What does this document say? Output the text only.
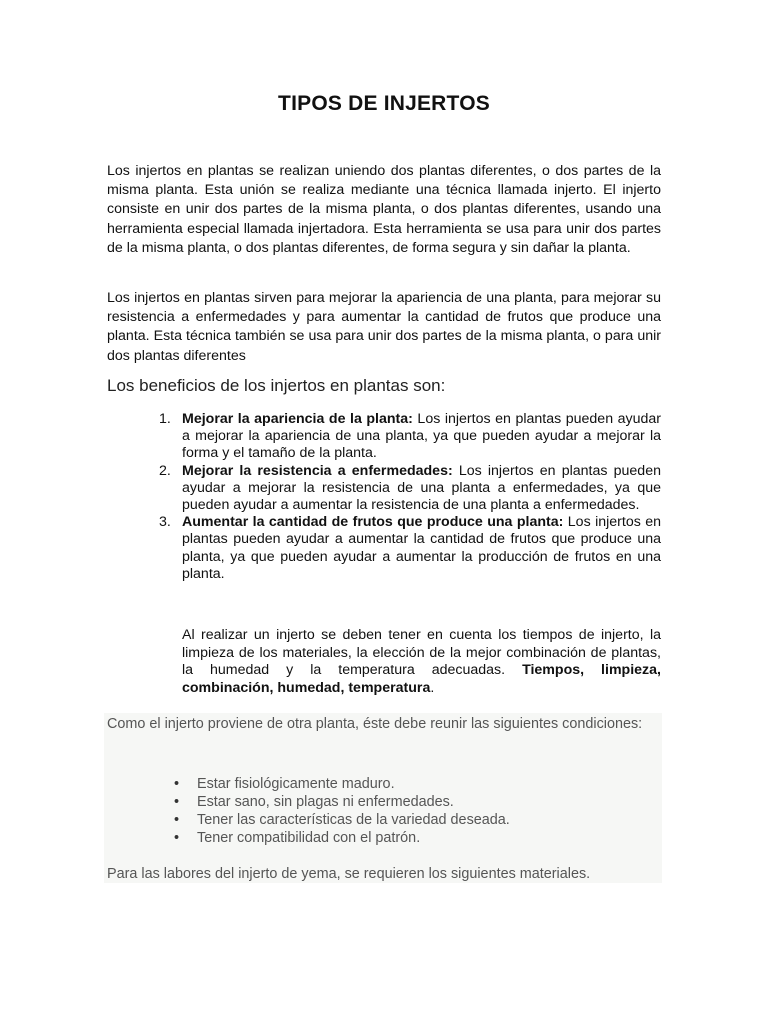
TIPOS DE INJERTOS
Los injertos en plantas se realizan uniendo dos plantas diferentes, o dos partes de la misma planta. Esta unión se realiza mediante una técnica llamada injerto. El injerto consiste en unir dos partes de la misma planta, o dos plantas diferentes, usando una herramienta especial llamada injertadora. Esta herramienta se usa para unir dos partes de la misma planta, o dos plantas diferentes, de forma segura y sin dañar la planta.
Los injertos en plantas sirven para mejorar la apariencia de una planta, para mejorar su resistencia a enfermedades y para aumentar la cantidad de frutos que produce una planta. Esta técnica también se usa para unir dos partes de la misma planta, o para unir dos plantas diferentes
Los beneficios de los injertos en plantas son:
1. Mejorar la apariencia de la planta: Los injertos en plantas pueden ayudar a mejorar la apariencia de una planta, ya que pueden ayudar a mejorar la forma y el tamaño de la planta.
2. Mejorar la resistencia a enfermedades: Los injertos en plantas pueden ayudar a mejorar la resistencia de una planta a enfermedades, ya que pueden ayudar a aumentar la resistencia de una planta a enfermedades.
3. Aumentar la cantidad de frutos que produce una planta: Los injertos en plantas pueden ayudar a aumentar la cantidad de frutos que produce una planta, ya que pueden ayudar a aumentar la producción de frutos en una planta.
Al realizar un injerto se deben tener en cuenta los tiempos de injerto, la limpieza de los materiales, la elección de la mejor combinación de plantas, la humedad y la temperatura adecuadas. Tiempos, limpieza, combinación, humedad, temperatura.
Como el injerto proviene de otra planta, éste debe reunir las siguientes condiciones:
• Estar fisiológicamente maduro.
• Estar sano, sin plagas ni enfermedades.
• Tener las características de la variedad deseada.
• Tener compatibilidad con el patrón.
Para las labores del injerto de yema, se requieren los siguientes materiales.
